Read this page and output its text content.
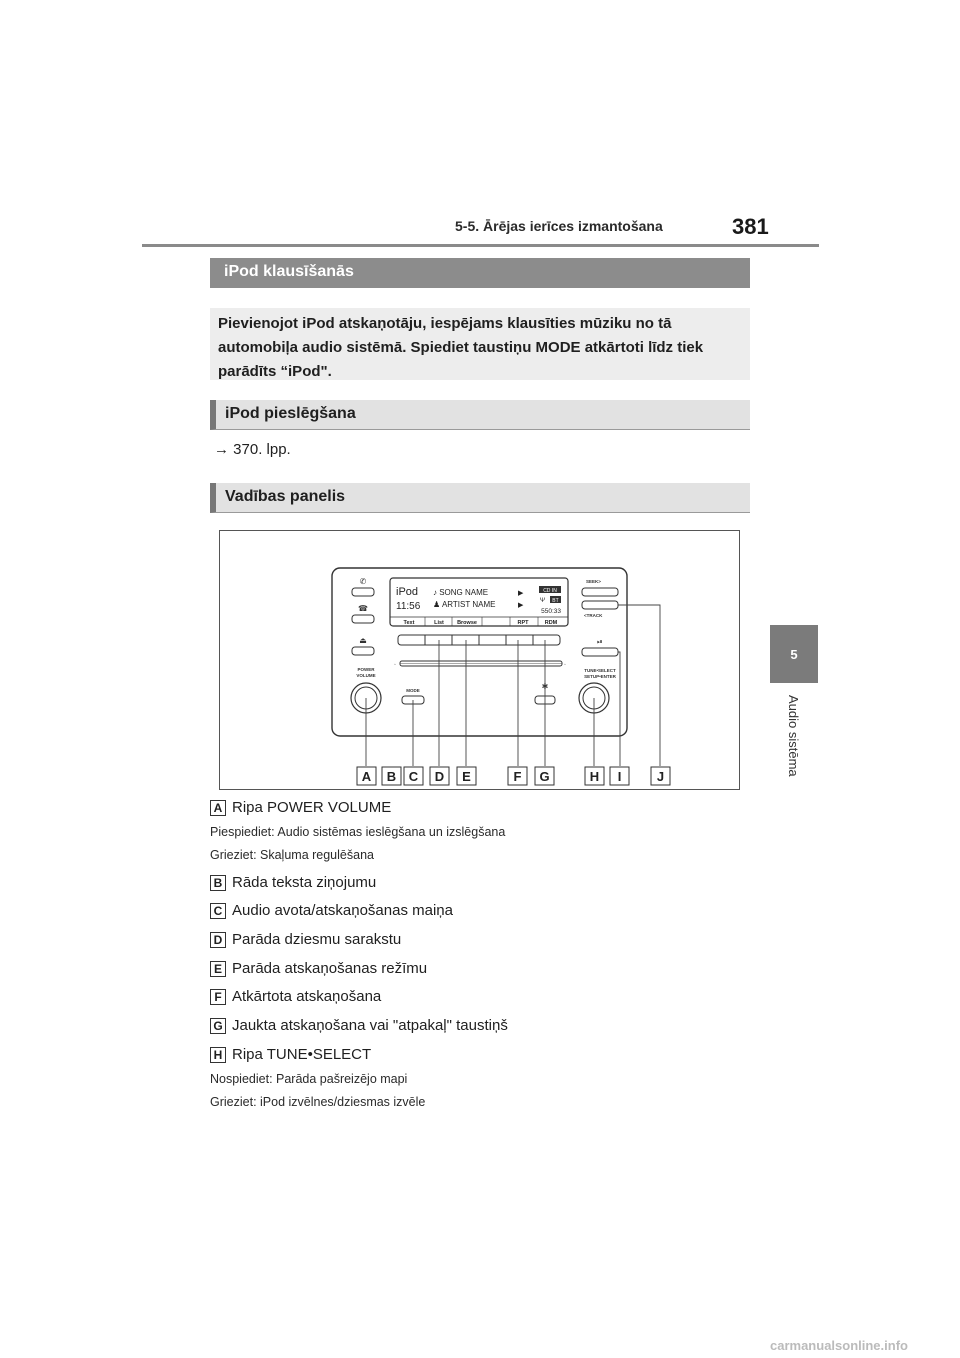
5-5. Ārējas ierīces izmantošana	381
5
Audio sistēma
iPod klausīšanās
Pievienojot iPod atskaņotāju, iespējams klausīties mūziku no tā automobiļa audio sistēmā. Spiediet taustiņu MODE atkārtoti līdz tiek parādīts “iPod".
iPod pieslēgšana
→ 370. lpp.
Vadības panelis
✆
☎
⏏
POWER
VOLUME
iPod
11:56
♪ SONG NAME
♟ ARTIST NAME
▶
▶
CD IN
BT
Ψ
550:33
Text	List Browse	RPT	RDM
◦	◦
MODE	✱
SEEK>
<TRACK
⏯
TUNE•SELECT
SETUP•ENTER
A B C D E	F G	H I	J
A Ripa POWER VOLUME
Piespiediet: Audio sistēmas ieslēgšana un izslēgšana
Grieziet: Skaļuma regulēšana
B Rāda teksta ziņojumu
C Audio avota/atskaņošanas maiņa
D Parāda dziesmu sarakstu
E Parāda atskaņošanas režīmu
F Atkārtota atskaņošana
G Jaukta atskaņošana vai "atpakaļ" taustiņš
H Ripa TUNE•SELECT
Nospiediet: Parāda pašreizējo mapi
Grieziet: iPod izvēlnes/dziesmas izvēle
carmanualsonline.info
